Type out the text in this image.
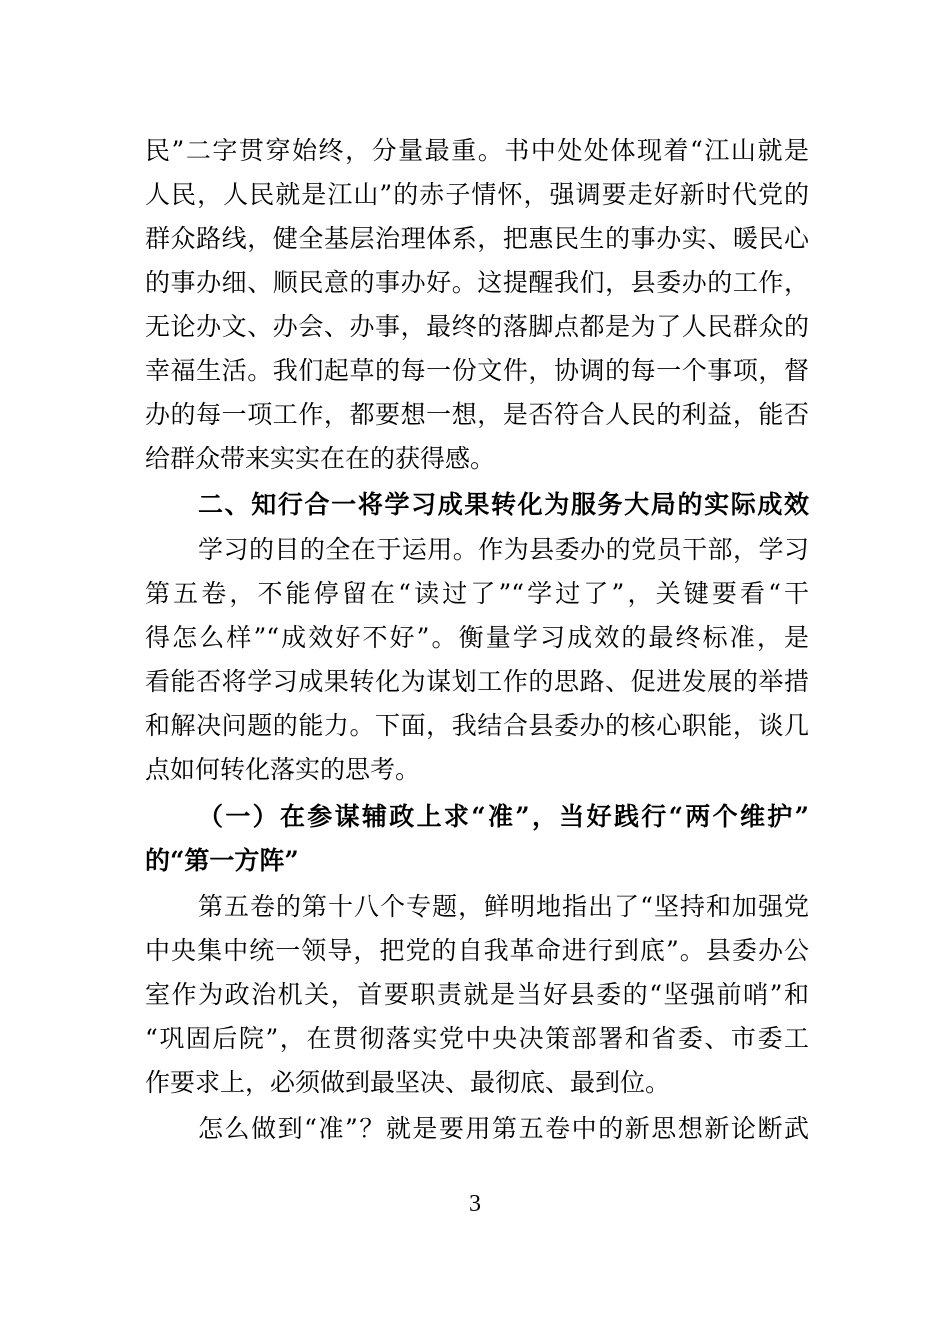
民”二字贯穿始终，分量最重。书中处处体现着“江山就是
人民，人民就是江山”的赤子情怀，强调要走好新时代党的
群众路线，健全基层治理体系，把惠民生的事办实、暖民心
的事办细、顺民意的事办好。这提醒我们，县委办的工作，
无论办文、办会、办事，最终的落脚点都是为了人民群众的
幸福生活。我们起草的每一份文件，协调的每一个事项，督
办的每一项工作，都要想一想，是否符合人民的利益，能否
给群众带来实实在在的获得感。
二、知行合一将学习成果转化为服务大局的实际成效
学习的目的全在于运用。作为县委办的党员干部，学习
第五卷，不能停留在“读过了”“学过了”，关键要看“干
得怎么样”“成效好不好”。衡量学习成效的最终标准，是
看能否将学习成果转化为谋划工作的思路、促进发展的举措
和解决问题的能力。下面，我结合县委办的核心职能，谈几
点如何转化落实的思考。
（一）在参谋辅政上求“准”，当好践行“两个维护”
的“第一方阵”
第五卷的第十八个专题，鲜明地指出了“坚持和加强党
中央集中统一领导，把党的自我革命进行到底”。县委办公
室作为政治机关，首要职责就是当好县委的“坚强前哨”和
“巩固后院”，在贯彻落实党中央决策部署和省委、市委工
作要求上，必须做到最坚决、最彻底、最到位。
怎么做到“准”？就是要用第五卷中的新思想新论断武
3
